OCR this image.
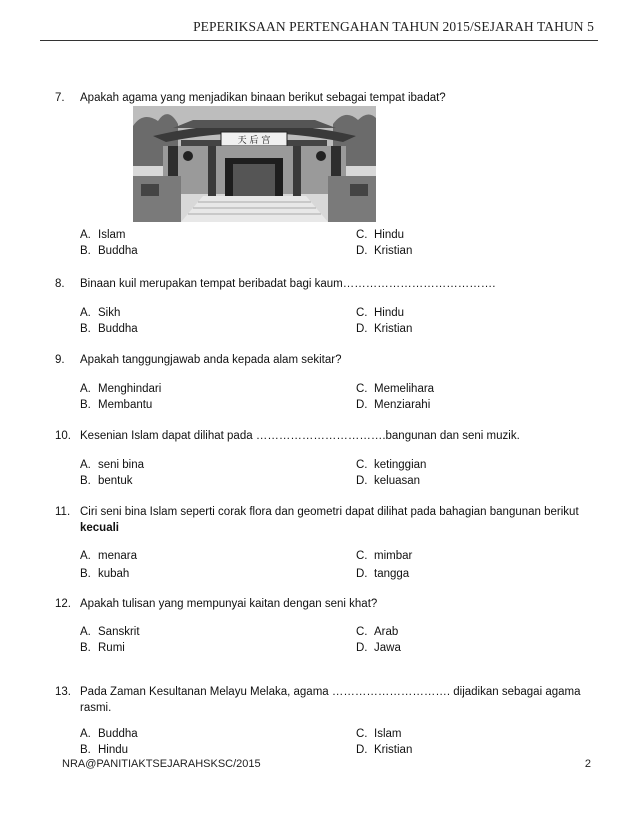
PEPERIKSAAN PERTENGAHAN TAHUN 2015/SEJARAH TAHUN 5
7. Apakah agama yang menjadikan binaan berikut sebagai tempat ibadat?
天 后 宫
A. Islam
B. Buddha
C. Hindu
D. Kristian
8. Binaan kuil merupakan tempat beribadat bagi kaum………………………………….
A. Sikh
B. Buddha
C. Hindu
D. Kristian
9. Apakah tanggungjawab anda kepada alam sekitar?
A. Menghindari
B. Membantu
C. Memelihara
D. Menziarahi
10. Kesenian Islam dapat dilihat pada …………………………….bangunan dan seni muzik.
A. seni bina
B. bentuk
C. ketinggian
D. keluasan
11. Ciri seni bina Islam seperti corak flora dan geometri dapat dilihat pada bahagian bangunan berikut
kecuali
A. menara
B. kubah
C. mimbar
D. tangga
12. Apakah tulisan yang mempunyai kaitan dengan seni khat?
A. Sanskrit
B. Rumi
C. Arab
D. Jawa
13. Pada Zaman Kesultanan Melayu Melaka, agama …………………………. dijadikan sebagai agama rasmi.
A. Buddha
B. Hindu
C. Islam
D. Kristian
NRA@PANITIAKTSEJARAHSKSC/2015	2
